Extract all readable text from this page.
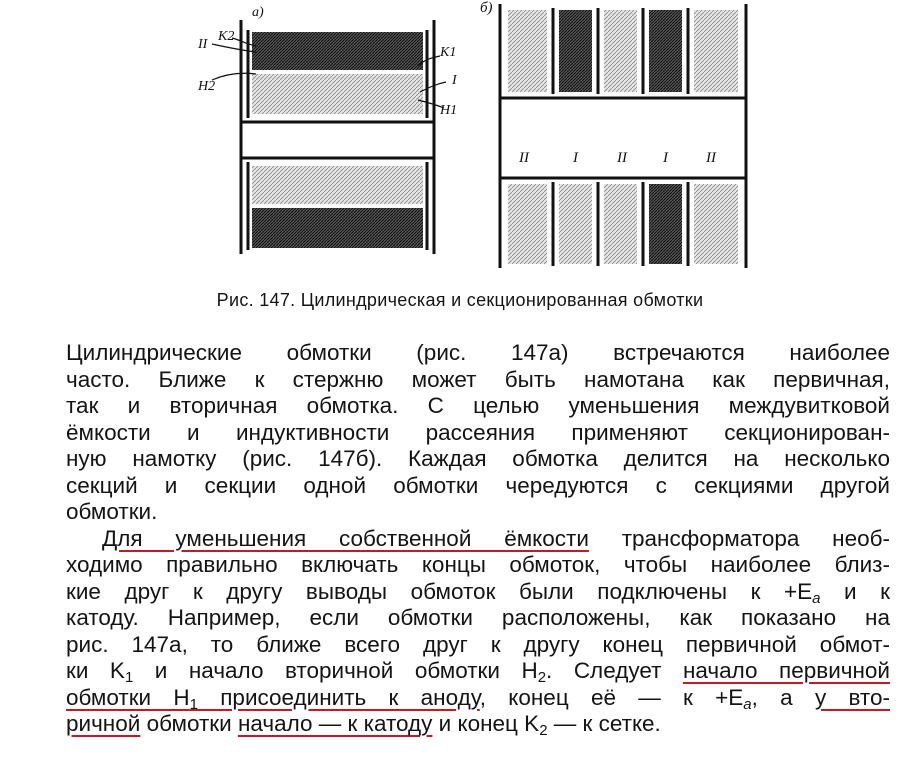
а)
II
K2
K1
I
H2
H1
б)
II	I	II I	II
Рис. 147. Цилиндрическая и секционированная обмотки
Цилиндрические обмотки (рис. 147а) встречаются наиболее
часто. Ближе к стержню может быть намотана как первичная,
так и вторичная обмотка. С целью уменьшения междувитковой
ёмкости и индуктивности рассеяния применяют секционирован-
ную намотку (рис. 147б). Каждая обмотка делится на несколько
секций и секции одной обмотки чередуются с секциями другой
обмотки.
Для уменьшения собственной ёмкости трансформатора необ-
ходимо правильно включать концы обмоток, чтобы наиболее близ-
кие друг к другу выводы обмоток были подключены $к +E_a$ и к
катоду. Например, если обмотки расположены, как показано на
рис. 147а, то ближе всего друг к другу конец первичной обмот-
ки $K_1$ и начало вторичной обмотки $H_2$. Следует начало первичной
обмотки $H_1$ присоединить к аноду, конец её — $к +E_a$, а у вто-
ричной обмотки начало — к катоду и конец $K_2$ — к сетке.
